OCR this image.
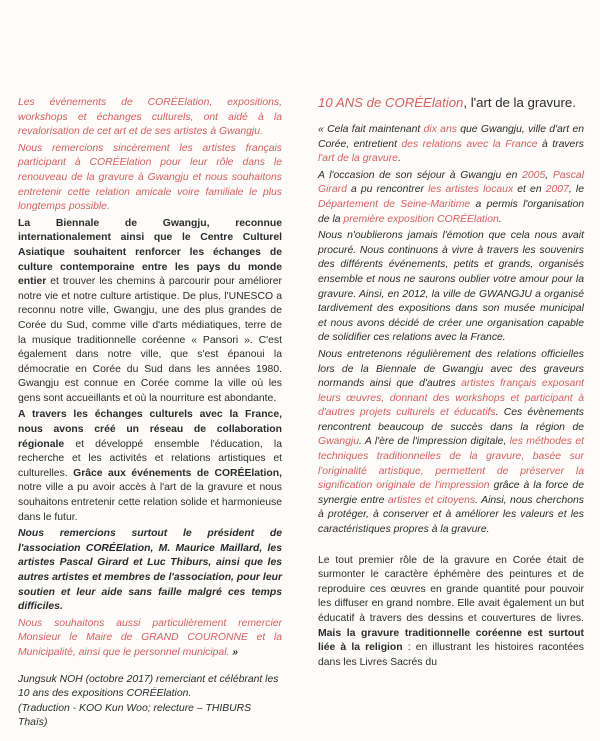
Les événements de CORÉElation, expositions, workshops et échanges culturels, ont aidé à la revalorisation de cet art et de ses artistes à Gwangju.

Nous remercions sincèrement les artistes français participant à CORÉElation pour leur rôle dans le renouveau de la gravure à Gwangju et nous souhaitons entretenir cette relation amicale voire familiale le plus longtemps possible.

La Biennale de Gwangju, reconnue internationalement ainsi que le Centre Culturel Asiatique souhaitent renforcer les échanges de culture contemporaine entre les pays du monde entier et trouver les chemins à parcourir pour améliorer notre vie et notre culture artistique. De plus, l'UNESCO a reconnu notre ville, Gwangju, une des plus grandes de Corée du Sud, comme ville d'arts médiatiques, terre de la musique traditionnelle coréenne « Pansori ». C'est également dans notre ville, que s'est épanoui la démocratie en Corée du Sud dans les années 1980. Gwangju est connue en Corée comme la ville où les gens sont accueillants et où la nourriture est abondante.

A travers les échanges culturels avec la France, nous avons créé un réseau de collaboration régionale et développé ensemble l'éducation, la recherche et les activités et relations artistiques et culturelles. Grâce aux événements de CORÉElation, notre ville a pu avoir accès à l'art de la gravure et nous souhaitons entretenir cette relation solide et harmonieuse dans le futur.

Nous remercions surtout le président de l'association CORÉElation, M. Maurice Maillard, les artistes Pascal Girard et Luc Thiburs, ainsi que les autres artistes et membres de l'association, pour leur soutien et leur aide sans faille malgré ces temps difficiles.

Nous souhaitons aussi particulièrement remercier Monsieur le Maire de GRAND COURONNE et la Municipalité, ainsi que le personnel municipal. »

Jungsuk NOH (octobre 2017) remerciant et célébrant les 10 ans des expositions CORÉElation.
(Traduction - KOO Kun Woo; relecture – THIBURS Thaïs)

10 ANS de CORÉElation, l'art de la gravure.

« Cela fait maintenant dix ans que Gwangju, ville d'art en Corée, entretient des relations avec la France à travers l'art de la gravure.

A l'occasion de son séjour à Gwangju en 2005, Pascal Girard a pu rencontrer les artistes locaux et en 2007, le Département de Seine-Maritime a permis l'organisation de la première exposition CORÉElation.

Nous n'oublierons jamais l'émotion que cela nous avait procuré. Nous continuons à vivre à travers les souvenirs des différents événements, petits et grands, organisés ensemble et nous ne saurons oublier votre amour pour la gravure. Ainsi, en 2012, la ville de GWANGJU a organisé tardivement des expositions dans son musée municipal et nous avons décidé de créer une organisation capable de solidifier ces relations avec la France.

Nous entretenons régulièrement des relations officielles lors de la Biennale de Gwangju avec des graveurs normands ainsi que d'autres artistes français exposant leurs œuvres, donnant des workshops et participant à d'autres projets culturels et éducatifs. Ces évènements rencontrent beaucoup de succès dans la région de Gwangju. A l'ère de l'impression digitale, les méthodes et techniques traditionnelles de la gravure, basée sur l'originalité artistique, permettent de préserver la signification originale de l'impression grâce à la force de synergie entre artistes et citoyens. Ainsi, nous cherchons à protéger, à conserver et à améliorer les valeurs et les caractéristiques propres à la gravure.

Le tout premier rôle de la gravure en Corée était de surmonter le caractère éphémère des peintures et de reproduire ces œuvres en grande quantité pour pouvoir les diffuser en grand nombre. Elle avait également un but éducatif à travers des dessins et couvertures de livres. Mais la gravure traditionnelle coréenne est surtout liée à la religion : en illustrant les histoires racontées dans les Livres Sacrés du
